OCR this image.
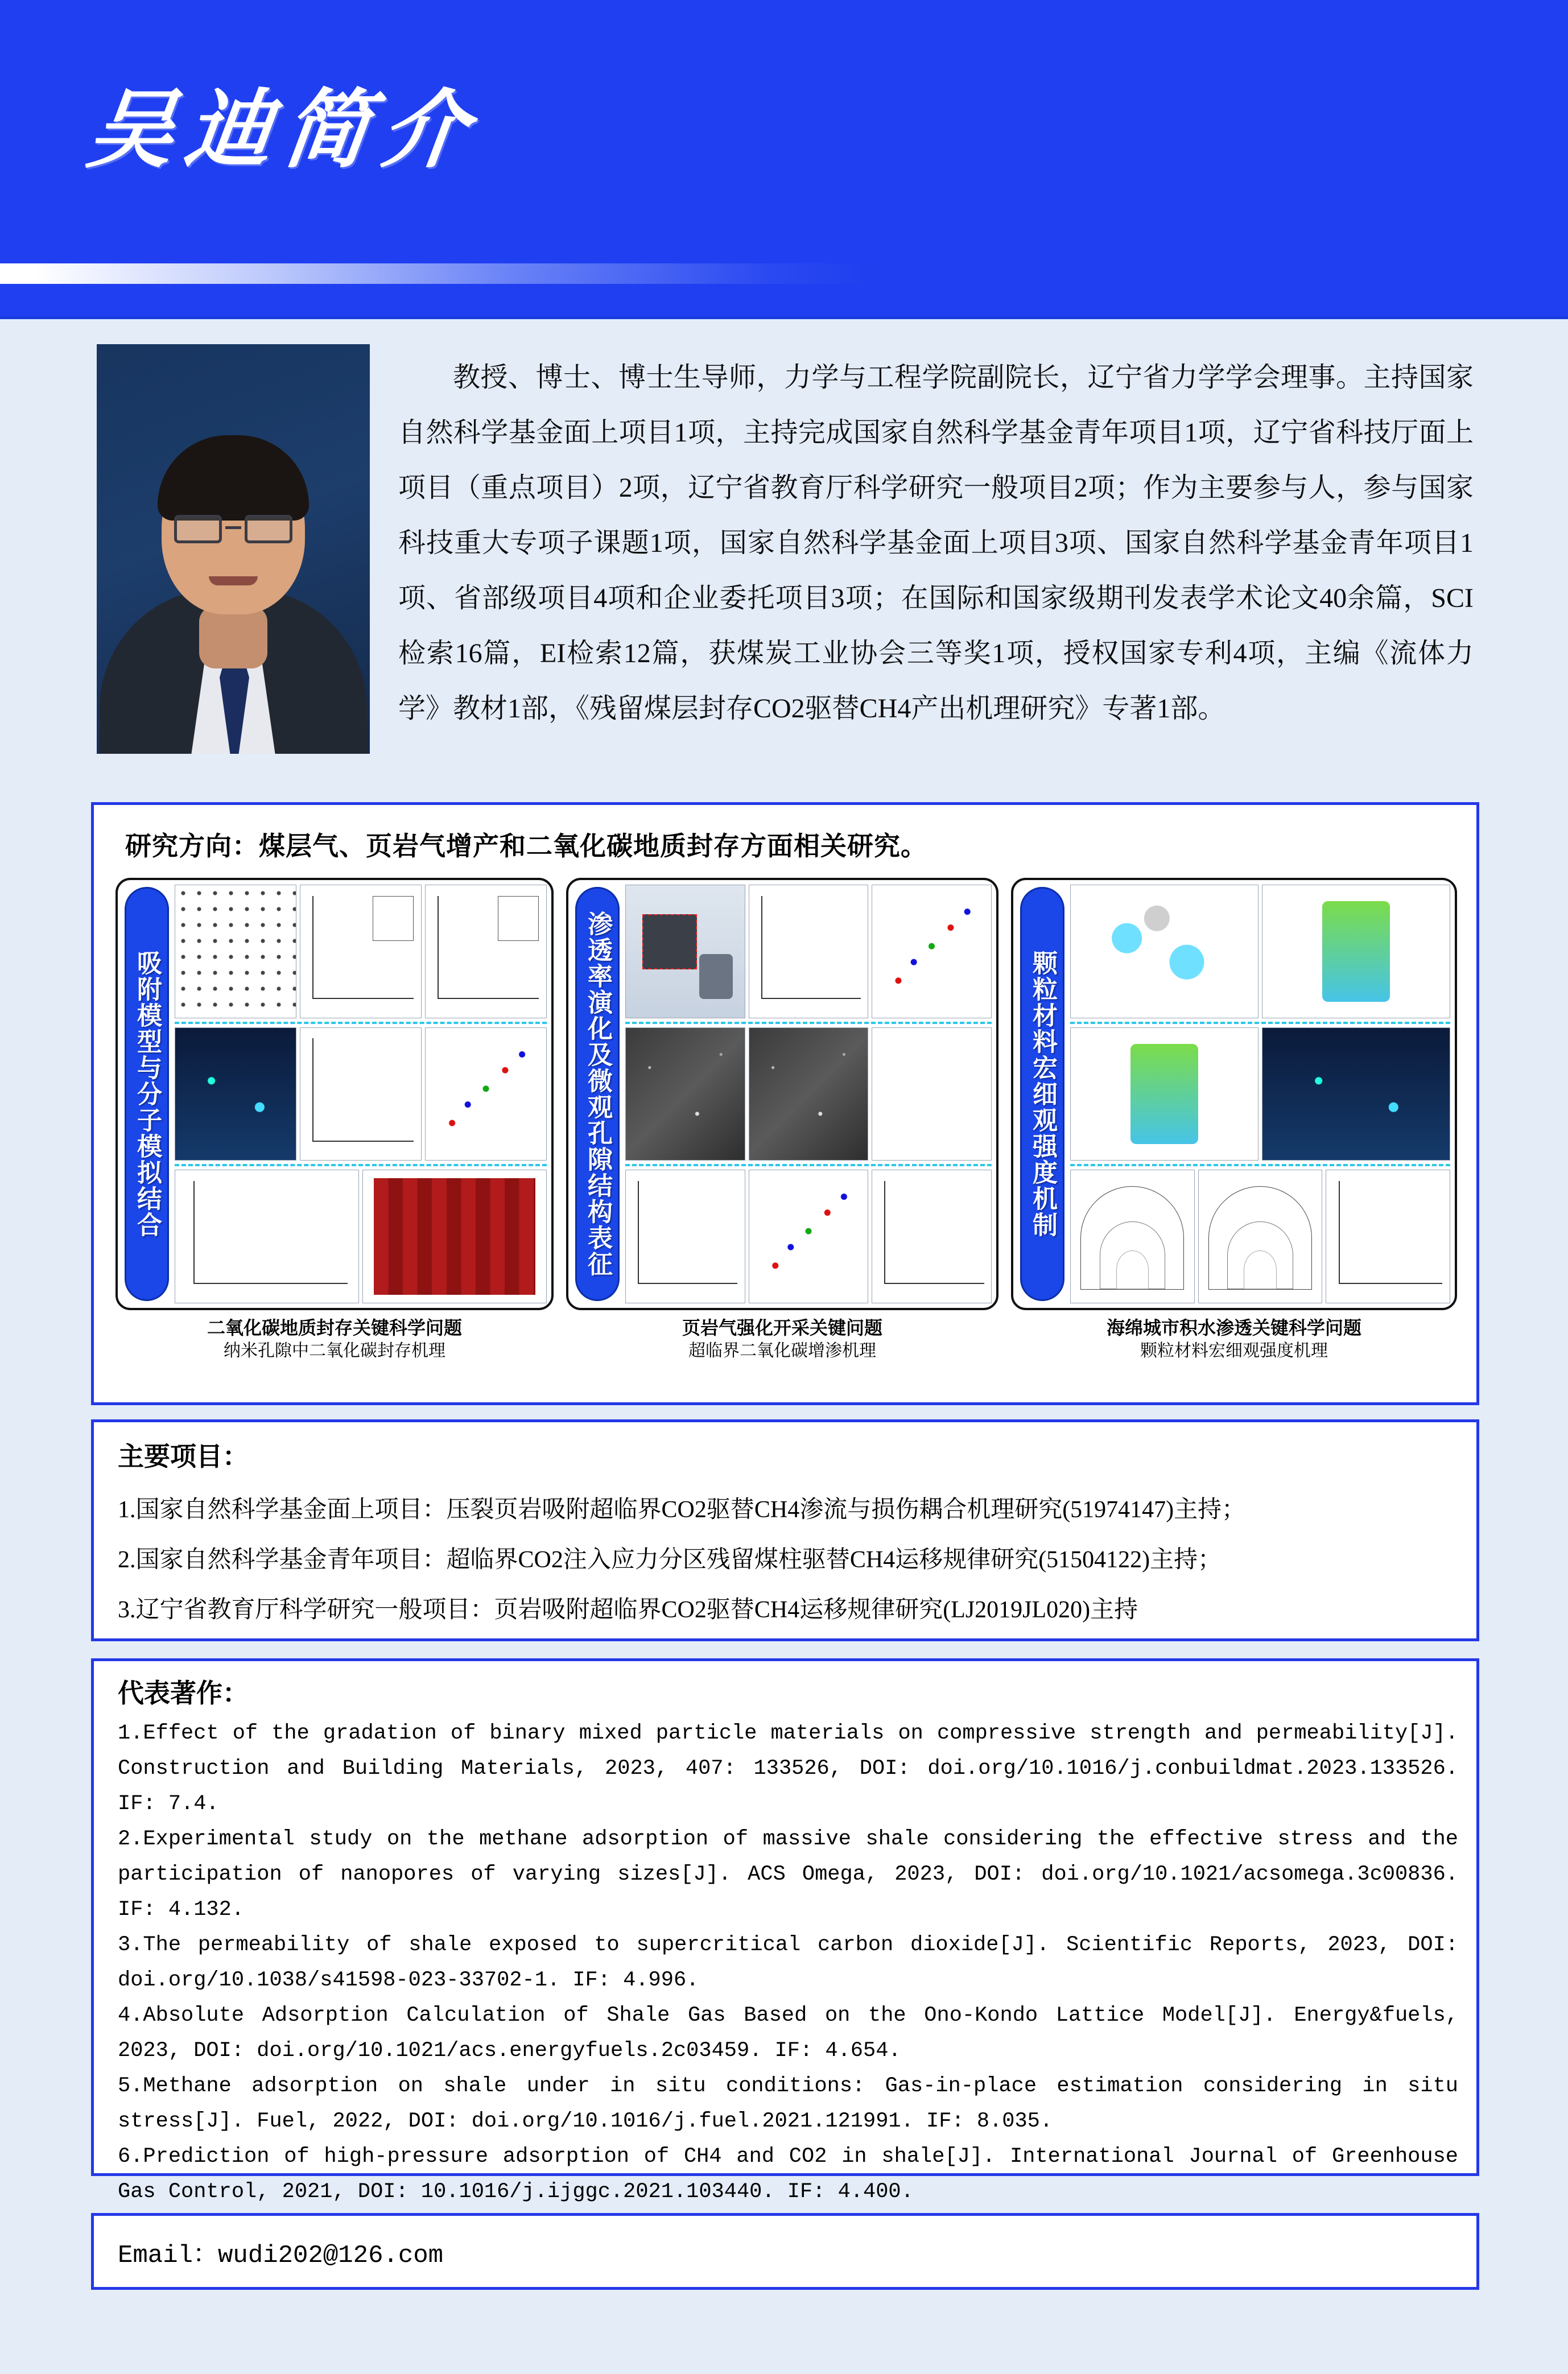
吴迪简介
教授、博士、博士生导师，力学与工程学院副院长，辽宁省力学学会理事。主持国家自然科学基金面上项目1项，主持完成国家自然科学基金青年项目1项，辽宁省科技厅面上项目（重点项目）2项，辽宁省教育厅科学研究一般项目2项；作为主要参与人，参与国家科技重大专项子课题1项，国家自然科学基金面上项目3项、国家自然科学基金青年项目1项、省部级项目4项和企业委托项目3项；在国际和国家级期刊发表学术论文40余篇，SCI检索16篇，EI检索12篇，获煤炭工业协会三等奖1项，授权国家专利4项，主编《流体力学》教材1部，《残留煤层封存CO2驱替CH4产出机理研究》专著1部。
研究方向：煤层气、页岩气增产和二氧化碳地质封存方面相关研究。
吸附模型与分子模拟结合	渗透率演化及微观孔隙结构表征	颗粒材料宏细观强度机制
二氧化碳地质封存关键科学问题
纳米孔隙中二氧化碳封存机理
页岩气强化开采关键问题
超临界二氧化碳增渗机理
海绵城市积水渗透关键科学问题
颗粒材料宏细观强度机理
主要项目：
1.国家自然科学基金面上项目：压裂页岩吸附超临界CO2驱替CH4渗流与损伤耦合机理研究(51974147)主持；
2.国家自然科学基金青年项目：超临界CO2注入应力分区残留煤柱驱替CH4运移规律研究(51504122)主持；
3.辽宁省教育厅科学研究一般项目：页岩吸附超临界CO2驱替CH4运移规律研究(LJ2019JL020)主持
代表著作：
1.Effect of the gradation of binary mixed particle materials on compressive strength and permeability[J]. Construction and Building Materials, 2023, 407: 133526, DOI: doi.org/10.1016/j.conbuildmat.2023.133526. IF: 7.4.
2.Experimental study on the methane adsorption of massive shale considering the effective stress and the participation of nanopores of varying sizes[J]. ACS Omega, 2023, DOI: doi.org/10.1021/acsomega.3c00836. IF: 4.132.
3.The permeability of shale exposed to supercritical carbon dioxide[J]. Scientific Reports, 2023, DOI: doi.org/10.1038/s41598-023-33702-1. IF: 4.996.
4.Absolute Adsorption Calculation of Shale Gas Based on the Ono-Kondo Lattice Model[J]. Energy&fuels, 2023, DOI: doi.org/10.1021/acs.energyfuels.2c03459. IF: 4.654.
5.Methane adsorption on shale under in situ conditions: Gas-in-place estimation considering in situ stress[J]. Fuel, 2022, DOI: doi.org/10.1016/j.fuel.2021.121991. IF: 8.035.
6.Prediction of high-pressure adsorption of CH4 and CO2 in shale[J]. International Journal of Greenhouse Gas Control, 2021, DOI: 10.1016/j.ijggc.2021.103440. IF: 4.400.
Email：wudi202@126.com
